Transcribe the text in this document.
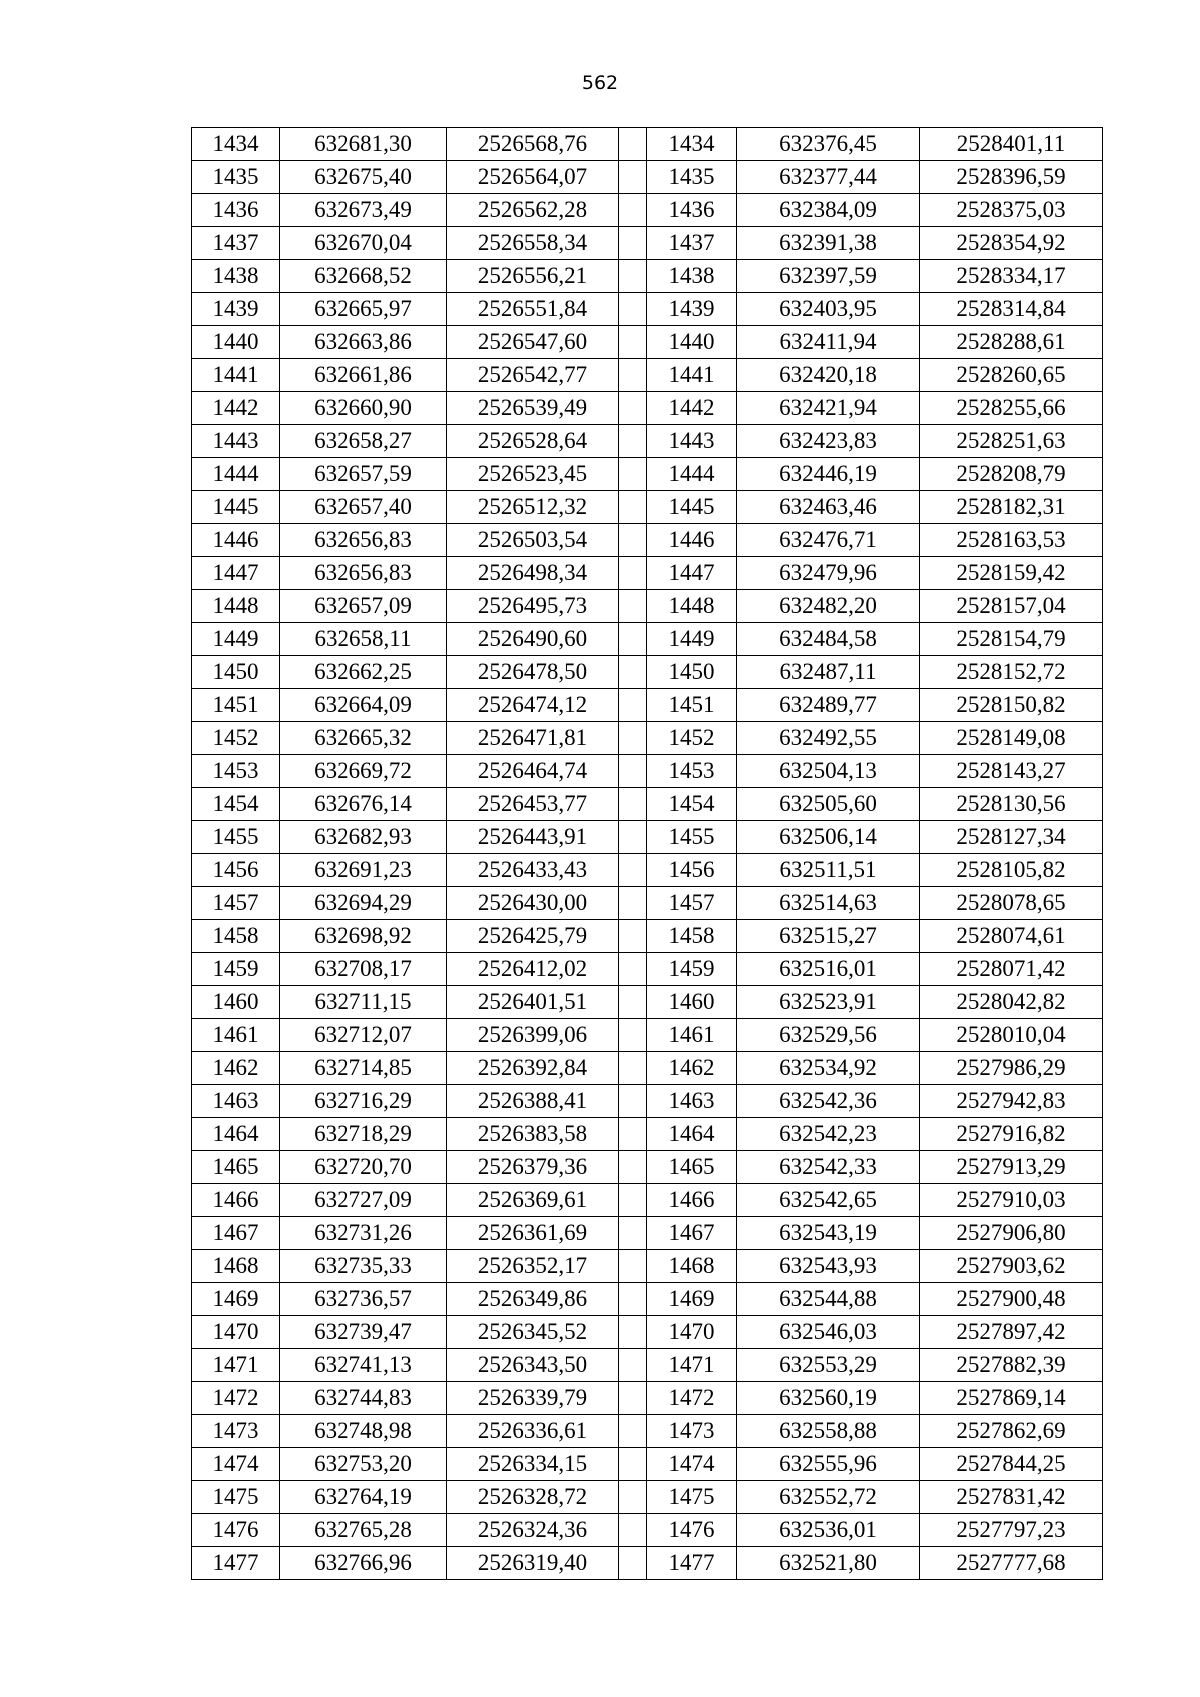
562
1434	632681,30	2526568,76		1434	632376,45	2528401,11
1435	632675,40	2526564,07		1435	632377,44	2528396,59
1436	632673,49	2526562,28		1436	632384,09	2528375,03
1437	632670,04	2526558,34		1437	632391,38	2528354,92
1438	632668,52	2526556,21		1438	632397,59	2528334,17
1439	632665,97	2526551,84		1439	632403,95	2528314,84
1440	632663,86	2526547,60		1440	632411,94	2528288,61
1441	632661,86	2526542,77		1441	632420,18	2528260,65
1442	632660,90	2526539,49		1442	632421,94	2528255,66
1443	632658,27	2526528,64		1443	632423,83	2528251,63
1444	632657,59	2526523,45		1444	632446,19	2528208,79
1445	632657,40	2526512,32		1445	632463,46	2528182,31
1446	632656,83	2526503,54		1446	632476,71	2528163,53
1447	632656,83	2526498,34		1447	632479,96	2528159,42
1448	632657,09	2526495,73		1448	632482,20	2528157,04
1449	632658,11	2526490,60		1449	632484,58	2528154,79
1450	632662,25	2526478,50		1450	632487,11	2528152,72
1451	632664,09	2526474,12		1451	632489,77	2528150,82
1452	632665,32	2526471,81		1452	632492,55	2528149,08
1453	632669,72	2526464,74		1453	632504,13	2528143,27
1454	632676,14	2526453,77		1454	632505,60	2528130,56
1455	632682,93	2526443,91		1455	632506,14	2528127,34
1456	632691,23	2526433,43		1456	632511,51	2528105,82
1457	632694,29	2526430,00		1457	632514,63	2528078,65
1458	632698,92	2526425,79		1458	632515,27	2528074,61
1459	632708,17	2526412,02		1459	632516,01	2528071,42
1460	632711,15	2526401,51		1460	632523,91	2528042,82
1461	632712,07	2526399,06		1461	632529,56	2528010,04
1462	632714,85	2526392,84		1462	632534,92	2527986,29
1463	632716,29	2526388,41		1463	632542,36	2527942,83
1464	632718,29	2526383,58		1464	632542,23	2527916,82
1465	632720,70	2526379,36		1465	632542,33	2527913,29
1466	632727,09	2526369,61		1466	632542,65	2527910,03
1467	632731,26	2526361,69		1467	632543,19	2527906,80
1468	632735,33	2526352,17		1468	632543,93	2527903,62
1469	632736,57	2526349,86		1469	632544,88	2527900,48
1470	632739,47	2526345,52		1470	632546,03	2527897,42
1471	632741,13	2526343,50		1471	632553,29	2527882,39
1472	632744,83	2526339,79		1472	632560,19	2527869,14
1473	632748,98	2526336,61		1473	632558,88	2527862,69
1474	632753,20	2526334,15		1474	632555,96	2527844,25
1475	632764,19	2526328,72		1475	632552,72	2527831,42
1476	632765,28	2526324,36		1476	632536,01	2527797,23
1477	632766,96	2526319,40		1477	632521,80	2527777,68
